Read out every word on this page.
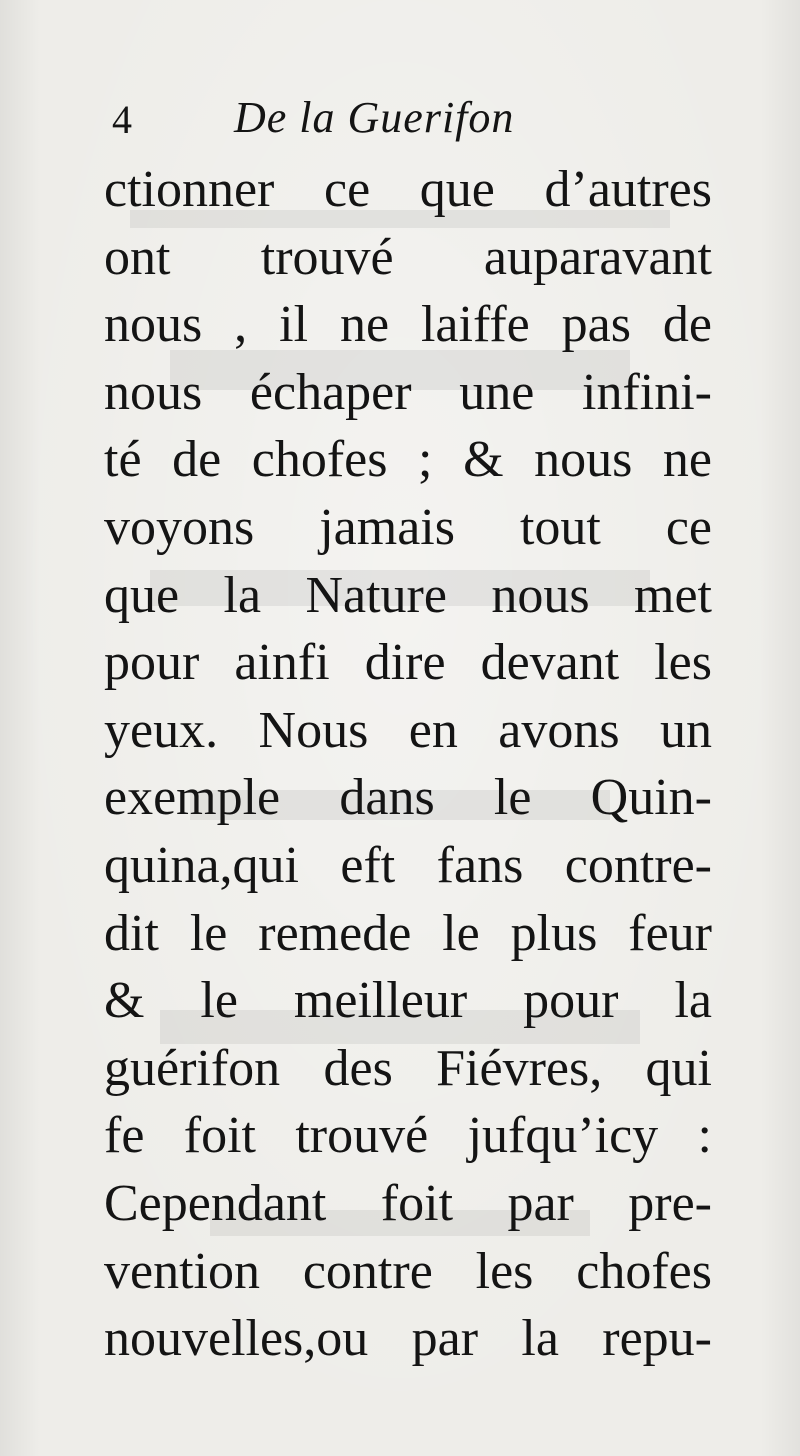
4 De la Guerifon
ctionner ce que d’autres
ont trouvé auparavant
nous , il ne laiffe pas de
nous échaper une infini-
té de chofes ; & nous ne
voyons jamais tout ce
que la Nature nous met
pour ainfi dire devant les
yeux. Nous en avons un
exemple dans le Quin-
quina,qui eft fans contre-
dit le remede le plus feur
& le meilleur pour la
guérifon des Fiévres, qui
fe foit trouvé jufqu’icy :
Cependant foit par pre-
vention contre les chofes
nouvelles,ou par la repu-
